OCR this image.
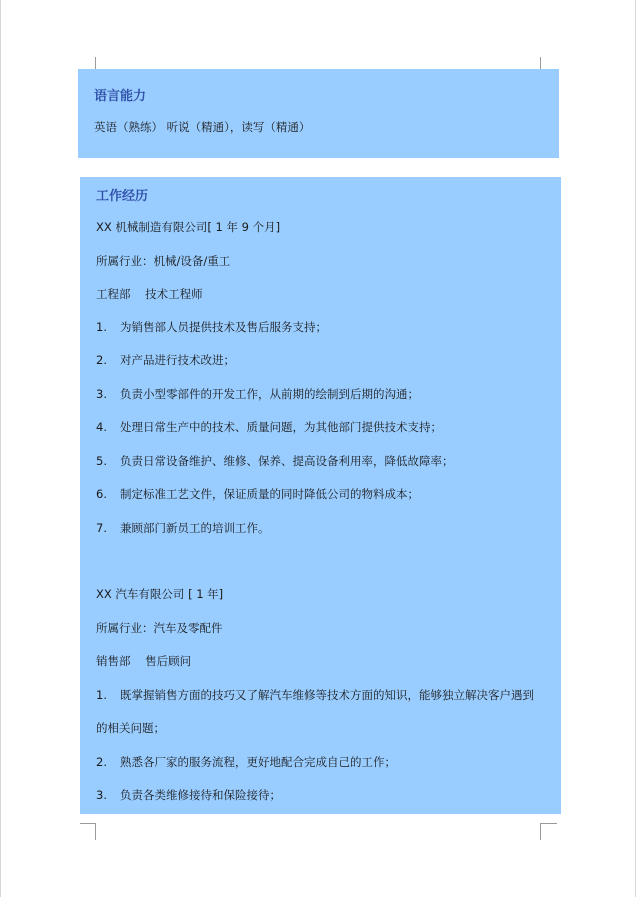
语言能力
英语（熟练） 听说（精通），读写（精通）
工作经历
XX 机械制造有限公司[ 1 年 9 个月]
所属行业：机械/设备/重工
工程部    技术工程师
1. 为销售部人员提供技术及售后服务支持；
2. 对产品进行技术改进；
3. 负责小型零部件的开发工作，从前期的绘制到后期的沟通；
4. 处理日常生产中的技术、质量问题，为其他部门提供技术支持；
5. 负责日常设备维护、维修、保养、提高设备利用率，降低故障率；
6. 制定标准工艺文件，保证质量的同时降低公司的物料成本；
7. 兼顾部门新员工的培训工作。
XX 汽车有限公司 [ 1 年]
所属行业：汽车及零配件
销售部    售后顾问
1. 既掌握销售方面的技巧又了解汽车维修等技术方面的知识，能够独立解决客户遇到
的相关问题；
2. 熟悉各厂家的服务流程，更好地配合完成自己的工作；
3. 负责各类维修接待和保险接待；
